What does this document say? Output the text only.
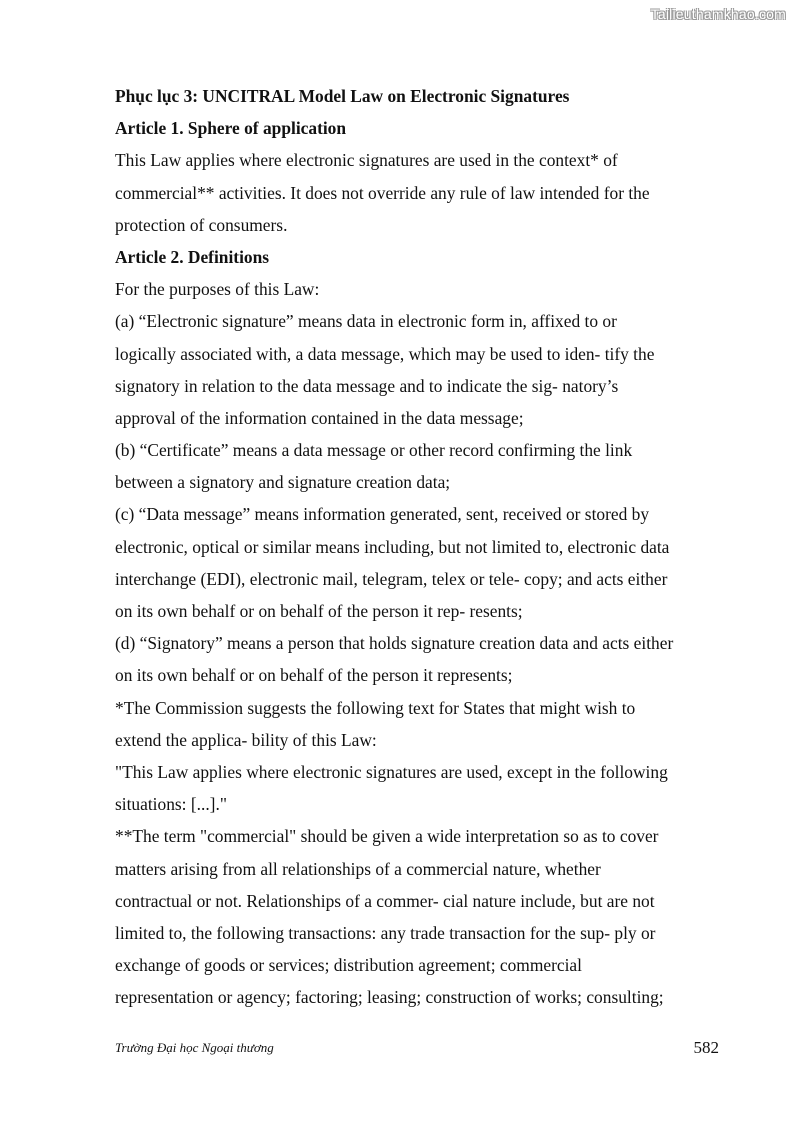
Tailieuthamkhao.com

Phục lục 3: UNCITRAL Model Law on Electronic Signatures

Article 1. Sphere of application

This Law applies where electronic signatures are used in the context* of

commercial** activities. It does not override any rule of law intended for the

protection of consumers.

Article 2. Definitions

For the purposes of this Law:

(a) “Electronic signature” means data in electronic form in, affixed to or

logically associated with, a data message, which may be used to iden- tify the

signatory in relation to the data message and to indicate the sig- natory’s

approval of the information contained in the data message;

(b) “Certificate” means a data message or other record confirming the link

between a signatory and signature creation data;

(c) “Data message” means information generated, sent, received or stored by

electronic, optical or similar means including, but not limited to, electronic data

interchange (EDI), electronic mail, telegram, telex or tele- copy; and acts either

on its own behalf or on behalf of the person it rep- resents;

(d) “Signatory” means a person that holds signature creation data and acts either

on its own behalf or on behalf of the person it represents;

*The Commission suggests the following text for States that might wish to

extend the applica- bility of this Law:

"This Law applies where electronic signatures are used, except in the following

situations: [...]."

**The term "commercial" should be given a wide interpretation so as to cover

matters arising from all relationships of a commercial nature, whether

contractual or not. Relationships of a commer- cial nature include, but are not

limited to, the following transactions: any trade transaction for the sup- ply or

exchange of goods or services; distribution agreement; commercial

representation or agency; factoring; leasing; construction of works; consulting;

Trường Đại học Ngoại thương	582
